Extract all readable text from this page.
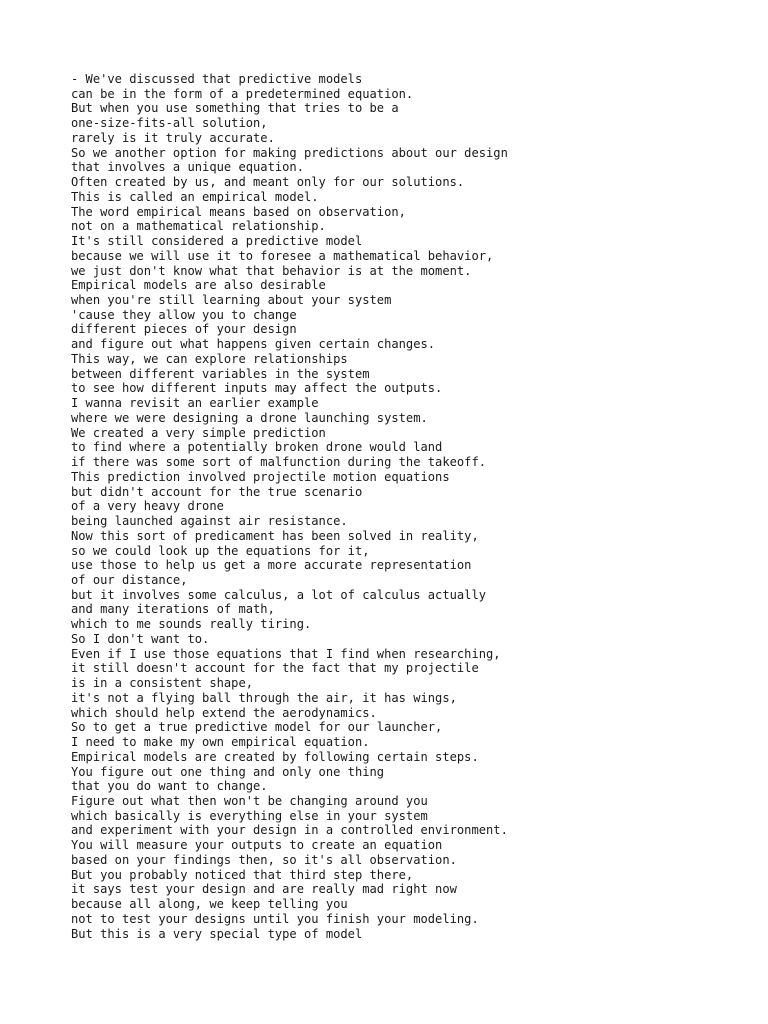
- We've discussed that predictive models
can be in the form of a predetermined equation.
But when you use something that tries to be a
one-size-fits-all solution,
rarely is it truly accurate.
So we another option for making predictions about our design
that involves a unique equation.
Often created by us, and meant only for our solutions.
This is called an empirical model.
The word empirical means based on observation,
not on a mathematical relationship.
It's still considered a predictive model
because we will use it to foresee a mathematical behavior,
we just don't know what that behavior is at the moment.
Empirical models are also desirable
when you're still learning about your system
'cause they allow you to change
different pieces of your design
and figure out what happens given certain changes.
This way, we can explore relationships
between different variables in the system
to see how different inputs may affect the outputs.
I wanna revisit an earlier example
where we were designing a drone launching system.
We created a very simple prediction
to find where a potentially broken drone would land
if there was some sort of malfunction during the takeoff.
This prediction involved projectile motion equations
but didn't account for the true scenario
of a very heavy drone
being launched against air resistance.
Now this sort of predicament has been solved in reality,
so we could look up the equations for it,
use those to help us get a more accurate representation
of our distance,
but it involves some calculus, a lot of calculus actually
and many iterations of math,
which to me sounds really tiring.
So I don't want to.
Even if I use those equations that I find when researching,
it still doesn't account for the fact that my projectile
is in a consistent shape,
it's not a flying ball through the air, it has wings,
which should help extend the aerodynamics.
So to get a true predictive model for our launcher,
I need to make my own empirical equation.
Empirical models are created by following certain steps.
You figure out one thing and only one thing
that you do want to change.
Figure out what then won't be changing around you
which basically is everything else in your system
and experiment with your design in a controlled environment.
You will measure your outputs to create an equation
based on your findings then, so it's all observation.
But you probably noticed that third step there,
it says test your design and are really mad right now
because all along, we keep telling you
not to test your designs until you finish your modeling.
But this is a very special type of model
